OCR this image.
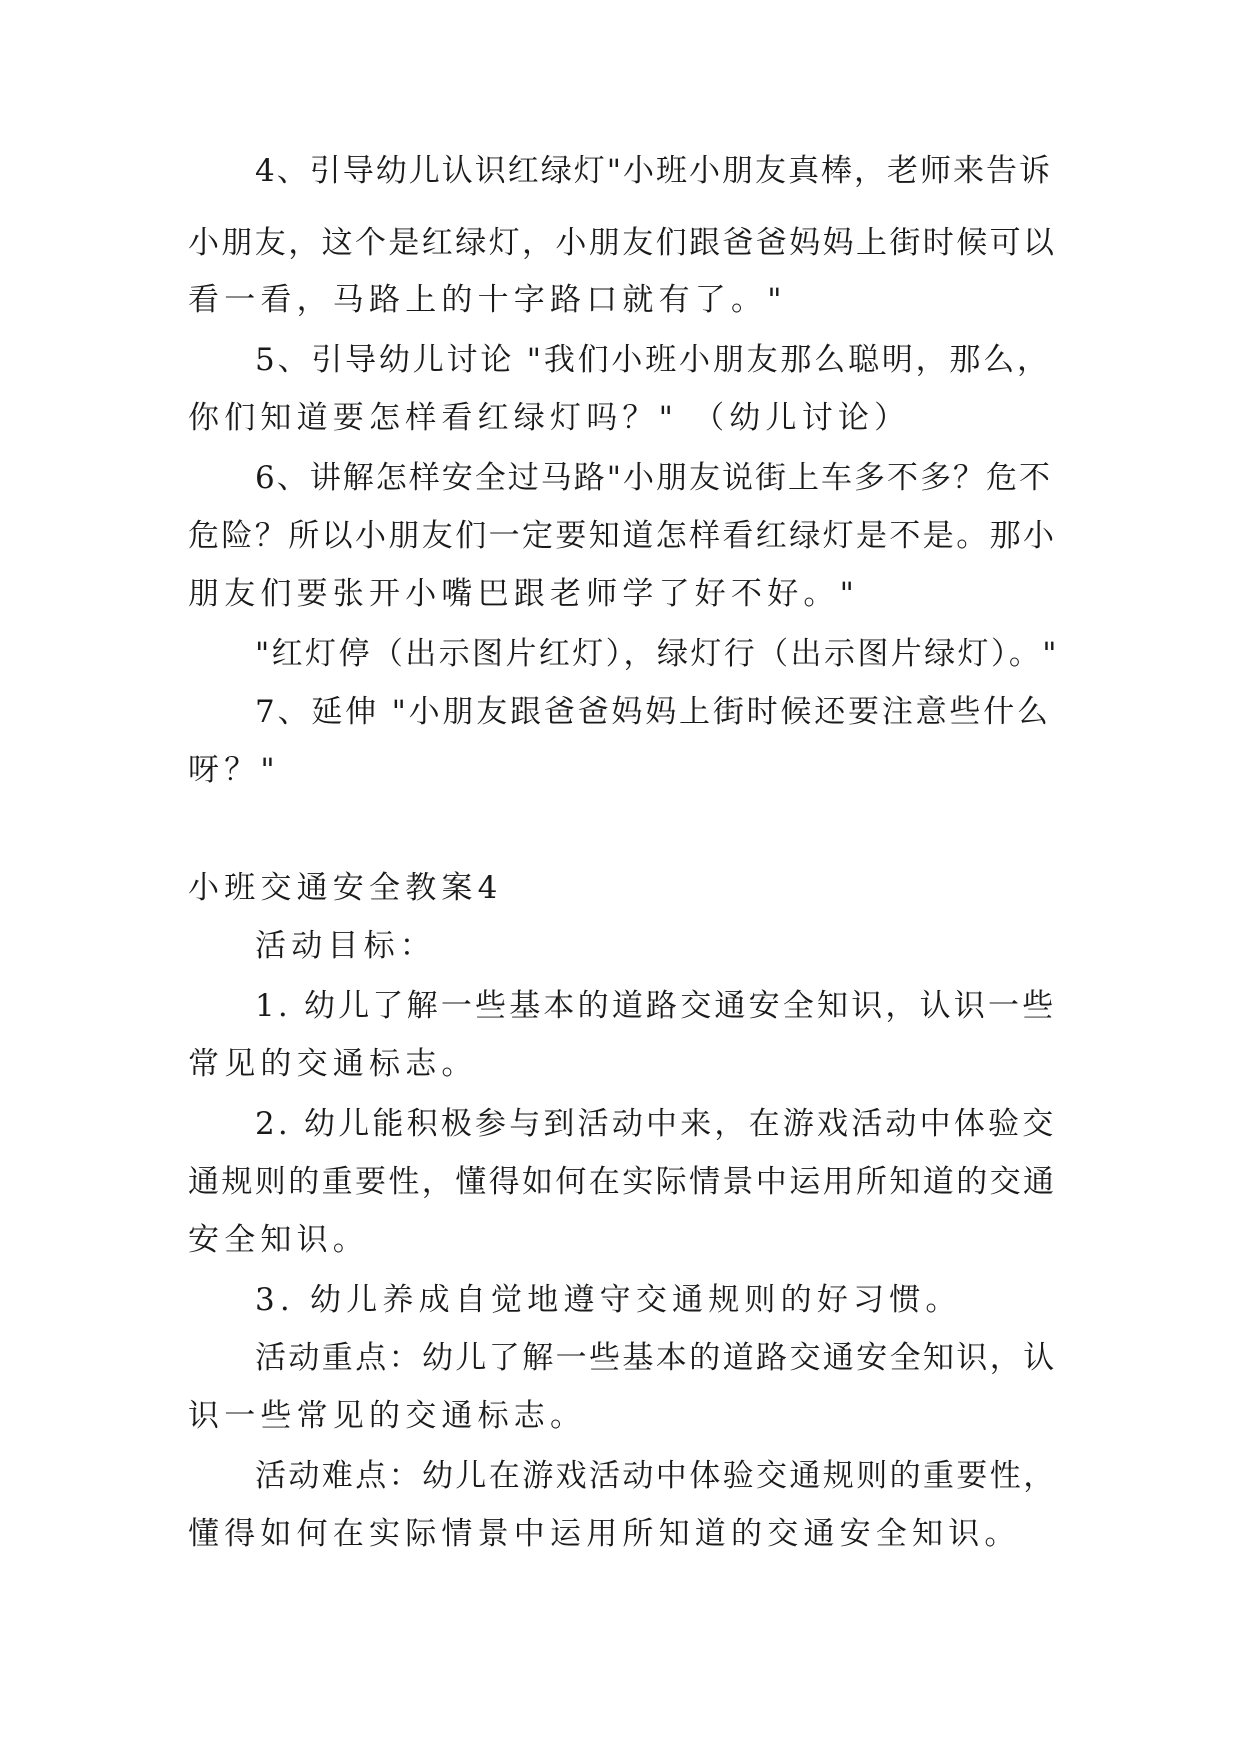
4、引导幼儿认识红绿灯"小班小朋友真棒，老师来告诉
小朋友，这个是红绿灯，小朋友们跟爸爸妈妈上街时候可以
看一看，马路上的十字路口就有了。"
5、引导幼儿讨论 "我们小班小朋友那么聪明，那么，
你们知道要怎样看红绿灯吗？" （幼儿讨论）
6、讲解怎样安全过马路"小朋友说街上车多不多？危不
危险？所以小朋友们一定要知道怎样看红绿灯是不是。那小
朋友们要张开小嘴巴跟老师学了好不好。"
"红灯停（出示图片红灯），绿灯行（出示图片绿灯）。"
7、延伸 "小朋友跟爸爸妈妈上街时候还要注意些什么
呀？"
小班交通安全教案4
活动目标：
1. 幼儿了解一些基本的道路交通安全知识，认识一些
常见的交通标志。
2. 幼儿能积极参与到活动中来，在游戏活动中体验交
通规则的重要性，懂得如何在实际情景中运用所知道的交通
安全知识。
3. 幼儿养成自觉地遵守交通规则的好习惯。
活动重点：幼儿了解一些基本的道路交通安全知识，认
识一些常见的交通标志。
活动难点：幼儿在游戏活动中体验交通规则的重要性，
懂得如何在实际情景中运用所知道的交通安全知识。
